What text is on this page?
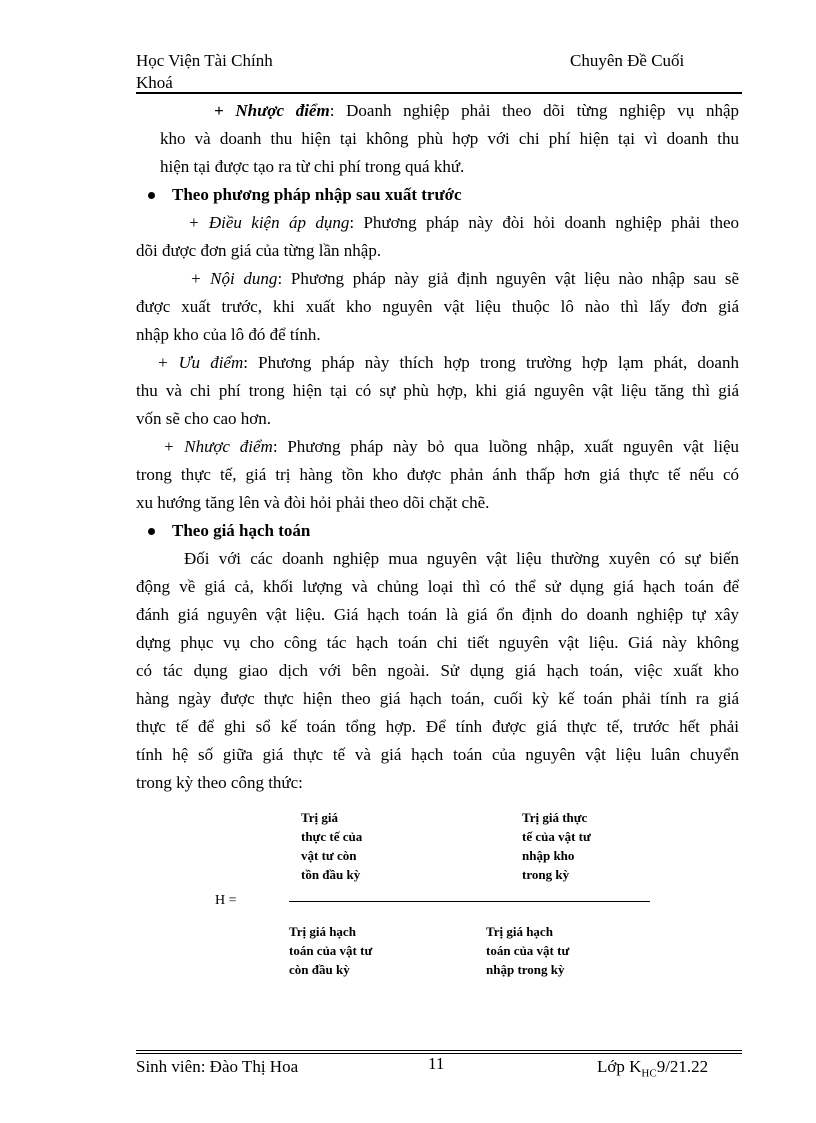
Học Viện Tài Chính
Khoá
Chuyên Đề Cuối
+ Nhược điểm: Doanh nghiệp phải theo dõi từng nghiệp vụ nhập
kho và doanh thu hiện tại không phù hợp với chi phí hiện tại vì doanh thu
hiện tại được tạo ra từ chi phí trong quá khứ.
Theo phương pháp nhập sau xuất trước
+ Điều kiện áp dụng: Phương pháp này đòi hỏi doanh nghiệp phải theo
dõi được đơn giá của từng lần nhập.
+ Nội dung: Phương pháp này giả định nguyên vật liệu nào nhập sau sẽ
được xuất trước, khi xuất kho nguyên vật liệu thuộc lô nào thì lấy đơn giá
nhập kho của lô đó để tính.
+ Ưu điểm: Phương pháp này thích hợp trong trường hợp lạm phát, doanh
thu và chi phí trong hiện tại có sự phù hợp, khi giá nguyên vật liệu tăng thì giá
vốn sẽ cho cao hơn.
+ Nhược điểm: Phương pháp này bỏ qua luồng nhập, xuất nguyên vật liệu
trong thực tế, giá trị hàng tồn kho được phản ánh thấp hơn giá thực tế nếu có
xu hướng tăng lên và đòi hỏi phải theo dõi chặt chẽ.
Theo giá hạch toán
Đối với các doanh nghiệp mua nguyên vật liệu thường xuyên có sự biến
động về giá cả, khối lượng và chủng loại thì có thể sử dụng giá hạch toán để
đánh giá nguyên vật liệu. Giá hạch toán là giá ổn định do doanh nghiệp tự xây
dựng phục vụ cho công tác hạch toán chi tiết nguyên vật liệu. Giá này không
có tác dụng giao dịch với bên ngoài. Sử dụng giá hạch toán, việc xuất kho
hàng ngày được thực hiện theo giá hạch toán, cuối kỳ kế toán phải tính ra giá
thực tế để ghi sổ kế toán tổng hợp. Để tính được giá thực tế, trước hết phải
tính hệ số giữa giá thực tế và giá hạch toán của nguyên vật liệu luân chuyển
trong kỳ theo công thức:
Trị giá
thực tế của
vật tư còn
tồn đầu kỳ
Trị giá thực
tế của vật tư
nhập kho
trong kỳ
H =
Trị giá hạch
toán của vật tư
còn đầu kỳ
Trị giá hạch
toán của vật tư
nhập trong kỳ
Sinh viên: Đào Thị Hoa	11	Lớp $K_{HC}9/21.22$
